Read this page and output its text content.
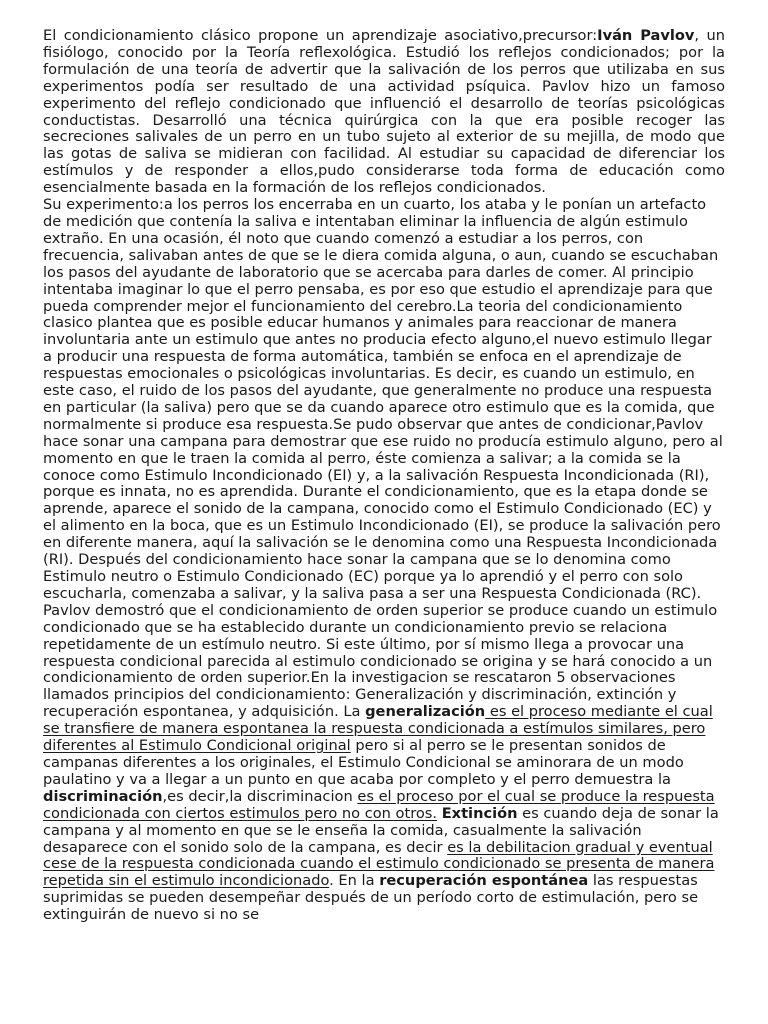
El condicionamiento clásico propone un aprendizaje asociativo,precursor:Iván Pavlov, un fisiólogo, conocido por la Teoría reflexológica. Estudió los reflejos condicionados; por la formulación de una teoría de advertir que la salivación de los perros que utilizaba en sus experimentos podía ser resultado de una actividad psíquica. Pavlov hizo un famoso experimento del reflejo condicionado que influenció el desarrollo de teorías psicológicas conductistas. Desarrolló una técnica quirúrgica con la que era posible recoger las secreciones salivales de un perro en un tubo sujeto al exterior de su mejilla, de modo que las gotas de saliva se midieran con facilidad. Al estudiar su capacidad de diferenciar los estímulos y de responder a ellos,pudo considerarse toda forma de educación como esencialmente basada en la formación de los reflejos condicionados.

Su experimento:a los perros los encerraba en un cuarto, los ataba y le ponían un artefacto de medición que contenía la saliva e intentaban eliminar la influencia de algún estimulo extraño. En una ocasión, él noto que cuando comenzó a estudiar a los perros, con frecuencia, salivaban antes de que se le diera comida alguna, o aun, cuando se escuchaban los pasos del ayudante de laboratorio que se acercaba para darles de comer. Al principio intentaba imaginar lo que el perro pensaba, es por eso que estudio el aprendizaje para que pueda comprender mejor el funcionamiento del cerebro.La teoria del condicionamiento clasico plantea que es posible educar humanos y animales para reaccionar de manera involuntaria ante un estimulo que antes no producia efecto alguno,el nuevo estimulo llegar a producir una respuesta de forma automática, también se enfoca en el aprendizaje de respuestas emocionales o psicológicas involuntarias. Es decir, es cuando un estimulo, en este caso, el ruido de los pasos del ayudante, que generalmente no produce una respuesta en particular (la saliva) pero que se da cuando aparece otro estimulo que es la comida, que normalmente si produce esa respuesta.Se pudo observar que antes de condicionar,Pavlov hace sonar una campana para demostrar que ese ruido no producía estimulo alguno, pero al momento en que le traen la comida al perro, éste comienza a salivar; a la comida se la conoce como Estimulo Incondicionado (EI) y, a la salivación Respuesta Incondicionada (RI), porque es innata, no es aprendida. Durante el condicionamiento, que es la etapa donde se aprende, aparece el sonido de la campana, conocido como el Estimulo Condicionado (EC) y el alimento en la boca, que es un Estimulo Incondicionado (EI), se produce la salivación pero en diferente manera, aquí la salivación se le denomina como una Respuesta Incondicionada (RI). Después del condicionamiento hace sonar la campana que se lo denomina como Estimulo neutro o Estimulo Condicionado (EC) porque ya lo aprendió y el perro con solo escucharla, comenzaba a salivar, y la saliva pasa a ser una Respuesta Condicionada (RC). Pavlov demostró que el condicionamiento de orden superior se produce cuando un estimulo condicionado que se ha establecido durante un condicionamiento previo se relaciona repetidamente de un estímulo neutro. Si este último, por sí mismo llega a provocar una respuesta condicional parecida al estimulo condicionado se origina y se hará conocido a un condicionamiento de orden superior.En la investigacion se rescataron 5 observaciones llamados principios del condicionamiento: Generalización y discriminación, extinción y recuperación espontanea, y adquisición. La generalización es el proceso mediante el cual se transfiere de manera espontanea la respuesta condicionada a estímulos similares, pero diferentes al Estimulo Condicional original pero si al perro se le presentan sonidos de campanas diferentes a los originales, el Estimulo Condicional se aminorara de un modo paulatino y va a llegar a un punto en que acaba por completo y el perro demuestra la discriminación,es decir,la discriminacion es el proceso por el cual se produce la respuesta condicionada con ciertos estimulos pero no con otros. Extinción es cuando deja de sonar la campana y al momento en que se le enseña la comida, casualmente la salivación desaparece con el sonido solo de la campana, es decir es la debilitacion gradual y eventual cese de la respuesta condicionada cuando el estimulo condicionado se presenta de manera repetida sin el estimulo incondicionado. En la recuperación espontánea las respuestas suprimidas se pueden desempeñar después de un período corto de estimulación, pero se extinguirán de nuevo si no se
